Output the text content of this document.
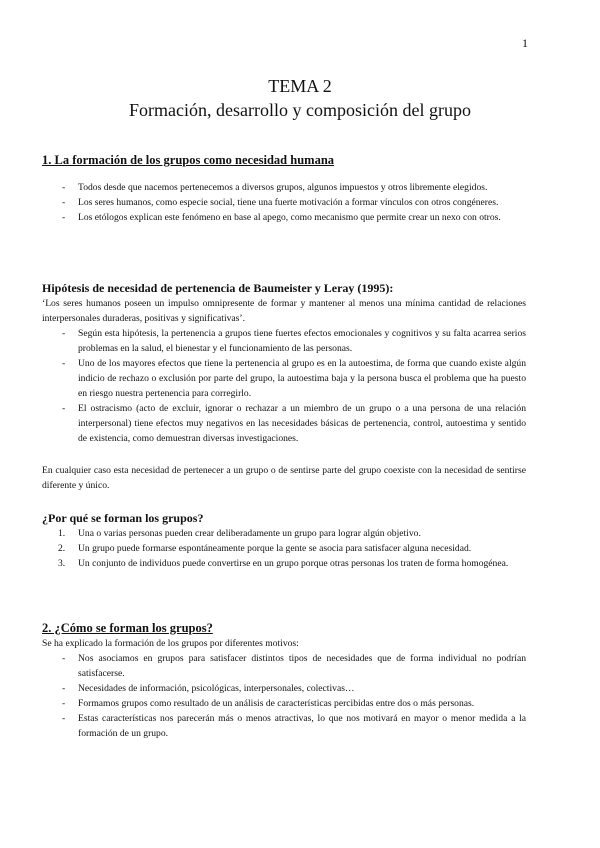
1
TEMA 2
Formación, desarrollo y composición del grupo
1. La formación de los grupos como necesidad humana
- Todos desde que nacemos pertenecemos a diversos grupos, algunos impuestos y otros libremente elegidos.
- Los seres humanos, como especie social, tiene una fuerte motivación a formar vínculos con otros congéneres.
- Los etólogos explican este fenómeno en base al apego, como mecanismo que permite crear un nexo con otros.
Hipótesis de necesidad de pertenencia de Baumeister y Leray (1995):
‘Los seres humanos poseen un impulso omnipresente de formar y mantener al menos una mínima cantidad de relaciones interpersonales duraderas, positivas y significativas’.
- Según esta hipótesis, la pertenencia a grupos tiene fuertes efectos emocionales y cognitivos y su falta acarrea serios problemas en la salud, el bienestar y el funcionamiento de las personas.
- Uno de los mayores efectos que tiene la pertenencia al grupo es en la autoestima, de forma que cuando existe algún indicio de rechazo o exclusión por parte del grupo, la autoestima baja y la persona busca el problema que ha puesto en riesgo nuestra pertenencia para corregirlo.
- El ostracismo (acto de excluir, ignorar o rechazar a un miembro de un grupo o a una persona de una relación interpersonal) tiene efectos muy negativos en las necesidades básicas de pertenencia, control, autoestima y sentido de existencia, como demuestran diversas investigaciones.
En cualquier caso esta necesidad de pertenecer a un grupo o de sentirse parte del grupo coexiste con la necesidad de sentirse diferente y único.
¿Por qué se forman los grupos?
1. Una o varias personas pueden crear deliberadamente un grupo para lograr algún objetivo.
2. Un grupo puede formarse espontáneamente porque la gente se asocia para satisfacer alguna necesidad.
3. Un conjunto de individuos puede convertirse en un grupo porque otras personas los traten de forma homogénea.
2. ¿Cómo se forman los grupos?
Se ha explicado la formación de los grupos por diferentes motivos:
- Nos asociamos en grupos para satisfacer distintos tipos de necesidades que de forma individual no podrían satisfacerse.
- Necesidades de información, psicológicas, interpersonales, colectivas…
- Formamos grupos como resultado de un análisis de características percibidas entre dos o más personas.
- Estas características nos parecerán más o menos atractivas, lo que nos motivará en mayor o menor medida a la formación de un grupo.
